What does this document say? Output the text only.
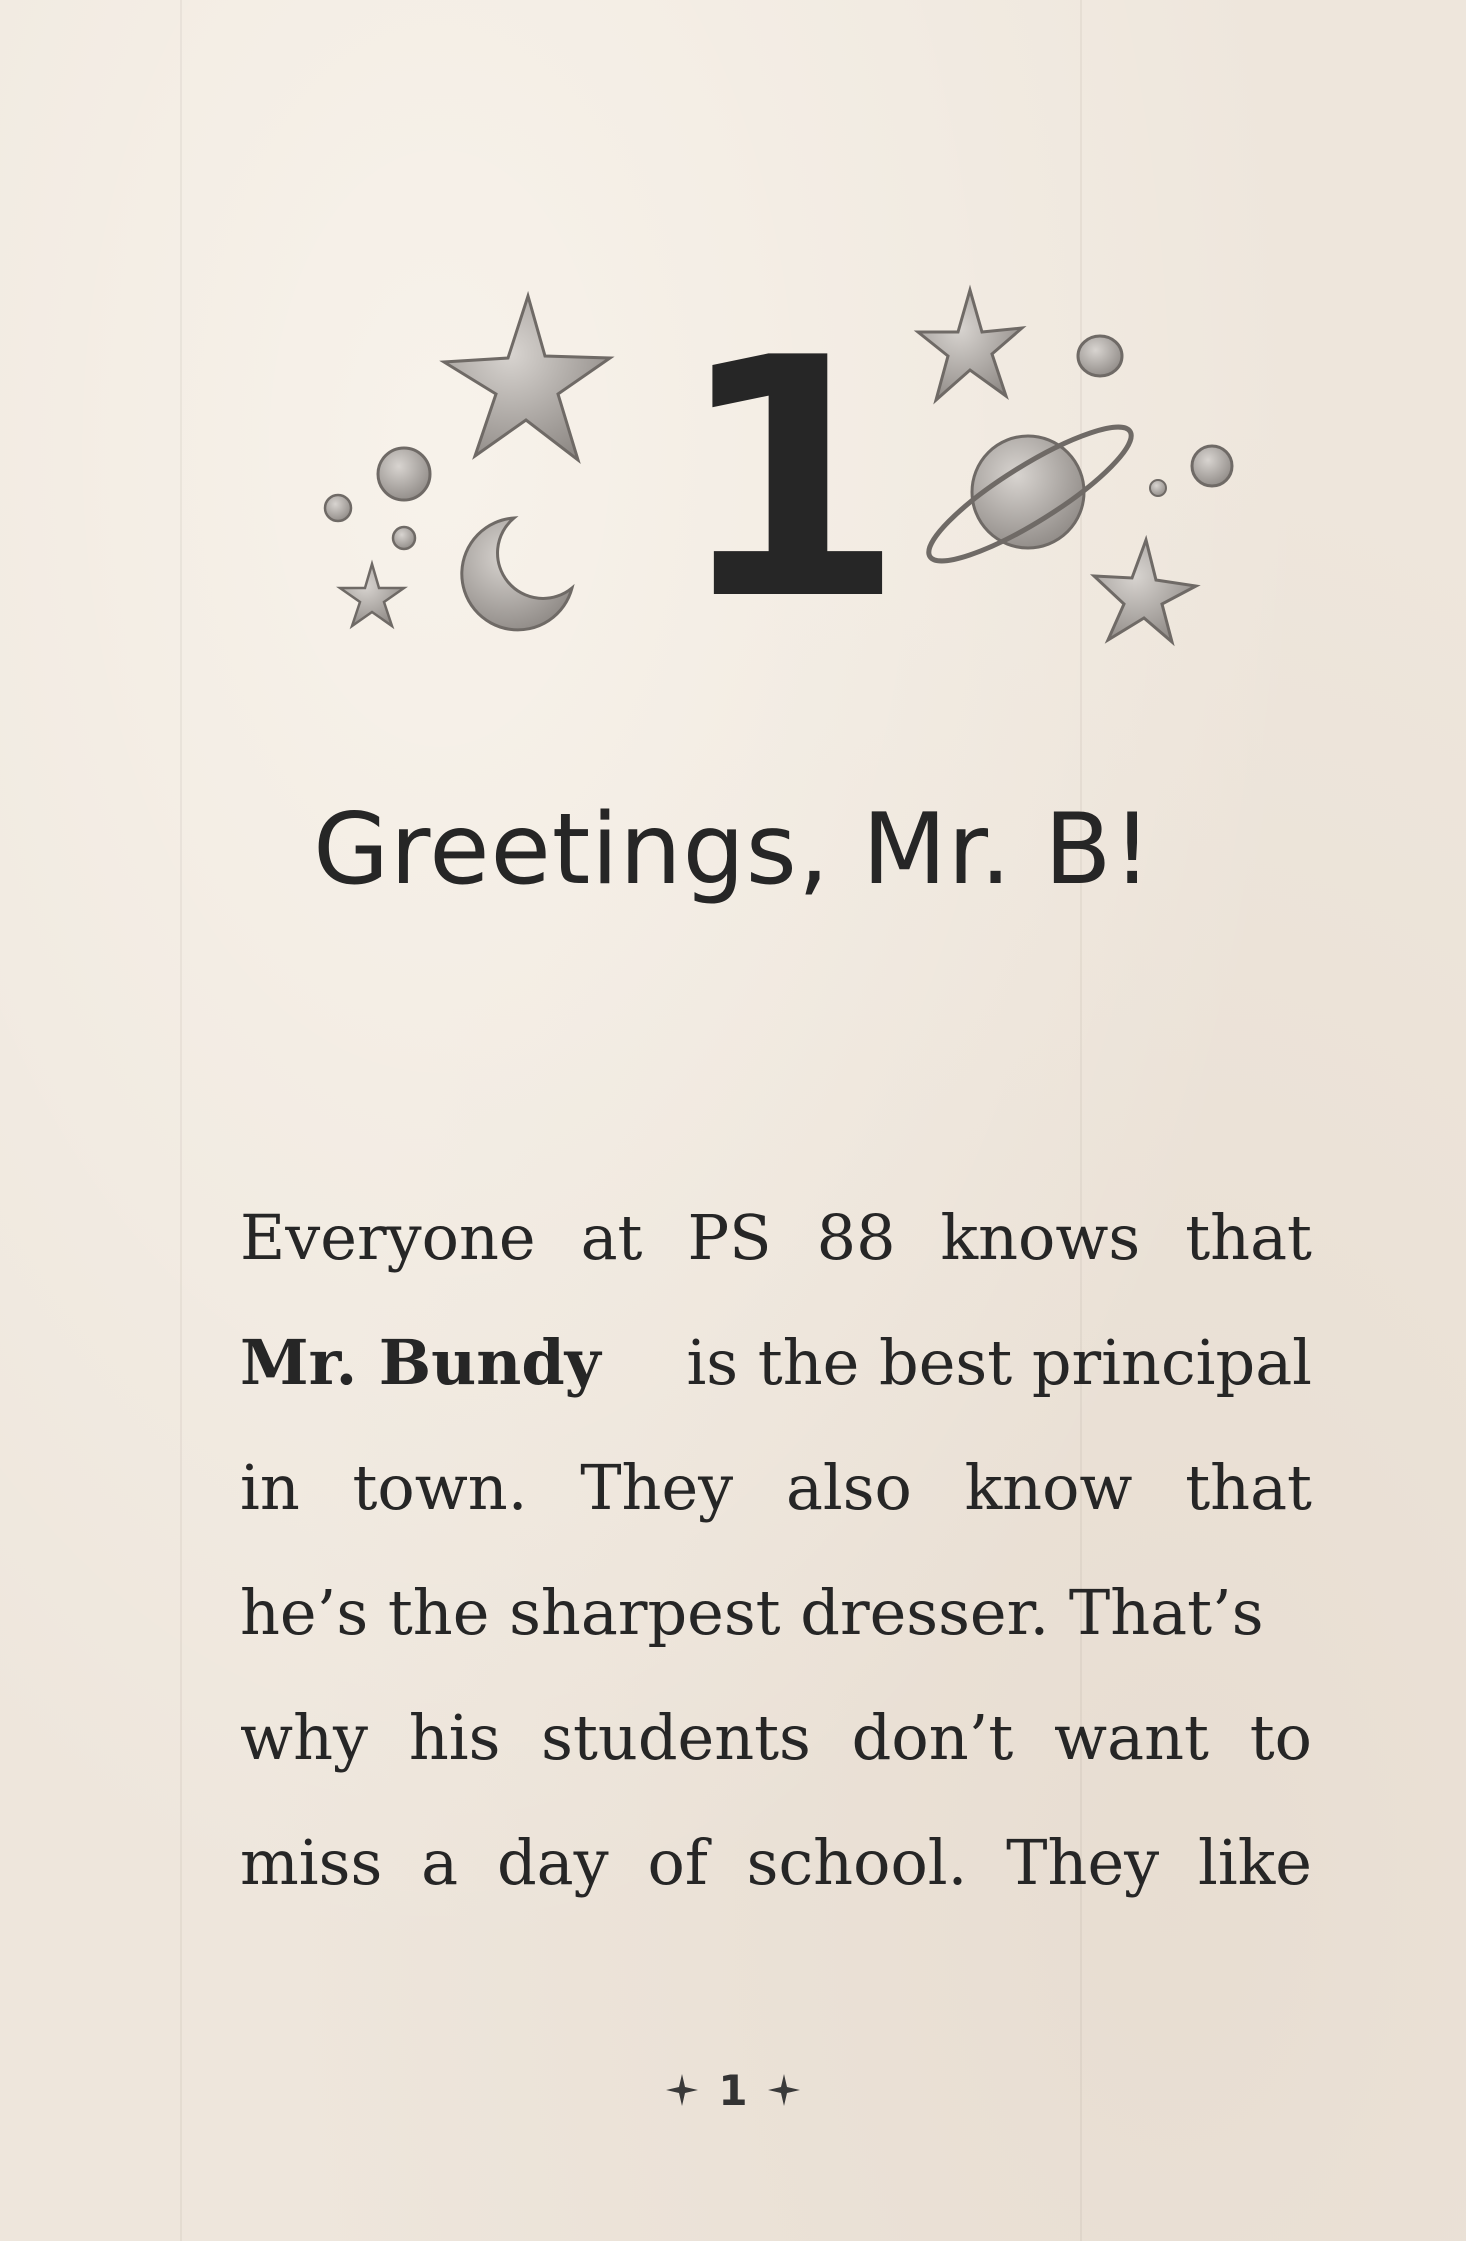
1
Greetings, Mr. B!
Everyone at PS 88 knows that
Mr. Bundy is the best principal
in town. They also know that
he’s the sharpest dresser. That’s
why his students don’t want to
miss a day of school. They like
1
